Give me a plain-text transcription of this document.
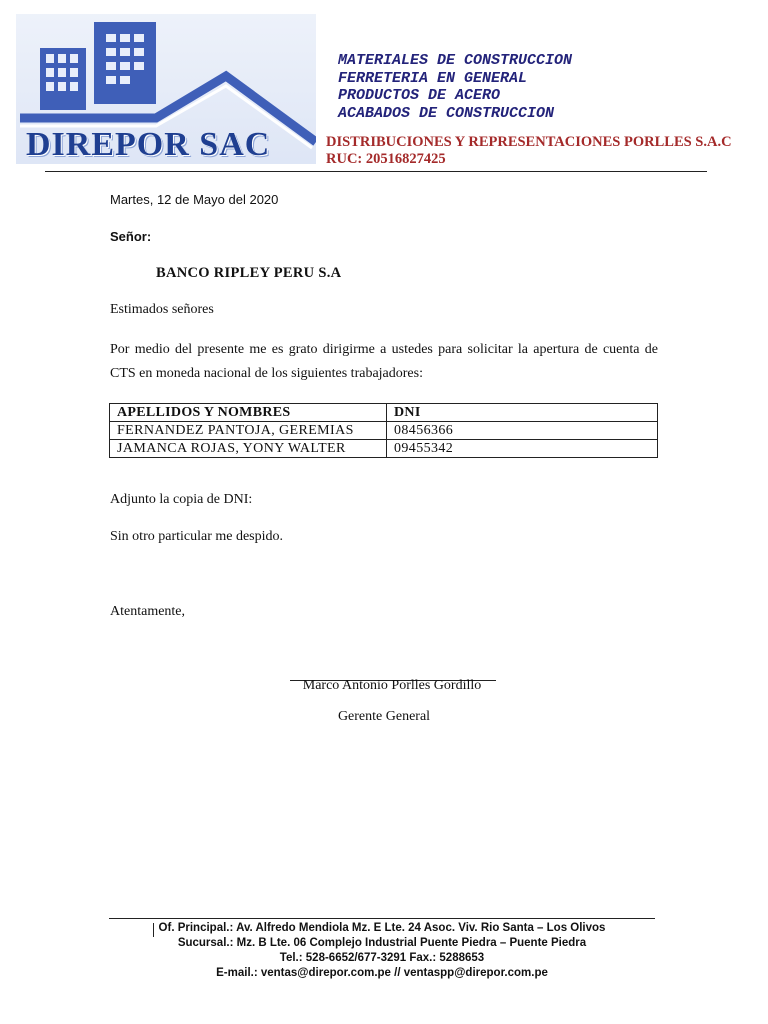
DIREPOR SAC
MATERIALES DE CONSTRUCCION
FERRETERIA EN GENERAL
PRODUCTOS DE ACERO
ACABADOS DE CONSTRUCCION
DISTRIBUCIONES Y REPRESENTACIONES PORLLES S.A.C
RUC: 20516827425
Martes, 12 de Mayo del 2020
Señor:
BANCO RIPLEY PERU S.A
Estimados señores
Por medio del presente me es grato dirigirme a ustedes para solicitar la apertura de cuenta de CTS en moneda nacional de los siguientes trabajadores:
APELLIDOS Y NOMBRES	DNI
FERNANDEZ PANTOJA, GEREMIAS	08456366
JAMANCA ROJAS, YONY WALTER	09455342
Adjunto la copia de DNI:
Sin otro particular me despido.
Atentamente,
Marco Antonio Porlles Gordillo
Gerente General
Of. Principal.: Av. Alfredo Mendiola Mz. E Lte. 24 Asoc. Viv. Rio Santa – Los Olivos
Sucursal.: Mz. B Lte. 06 Complejo Industrial Puente Piedra – Puente Piedra
Tel.: 528-6652/677-3291 Fax.: 5288653
E-mail.: ventas@direpor.com.pe // ventaspp@direpor.com.pe
